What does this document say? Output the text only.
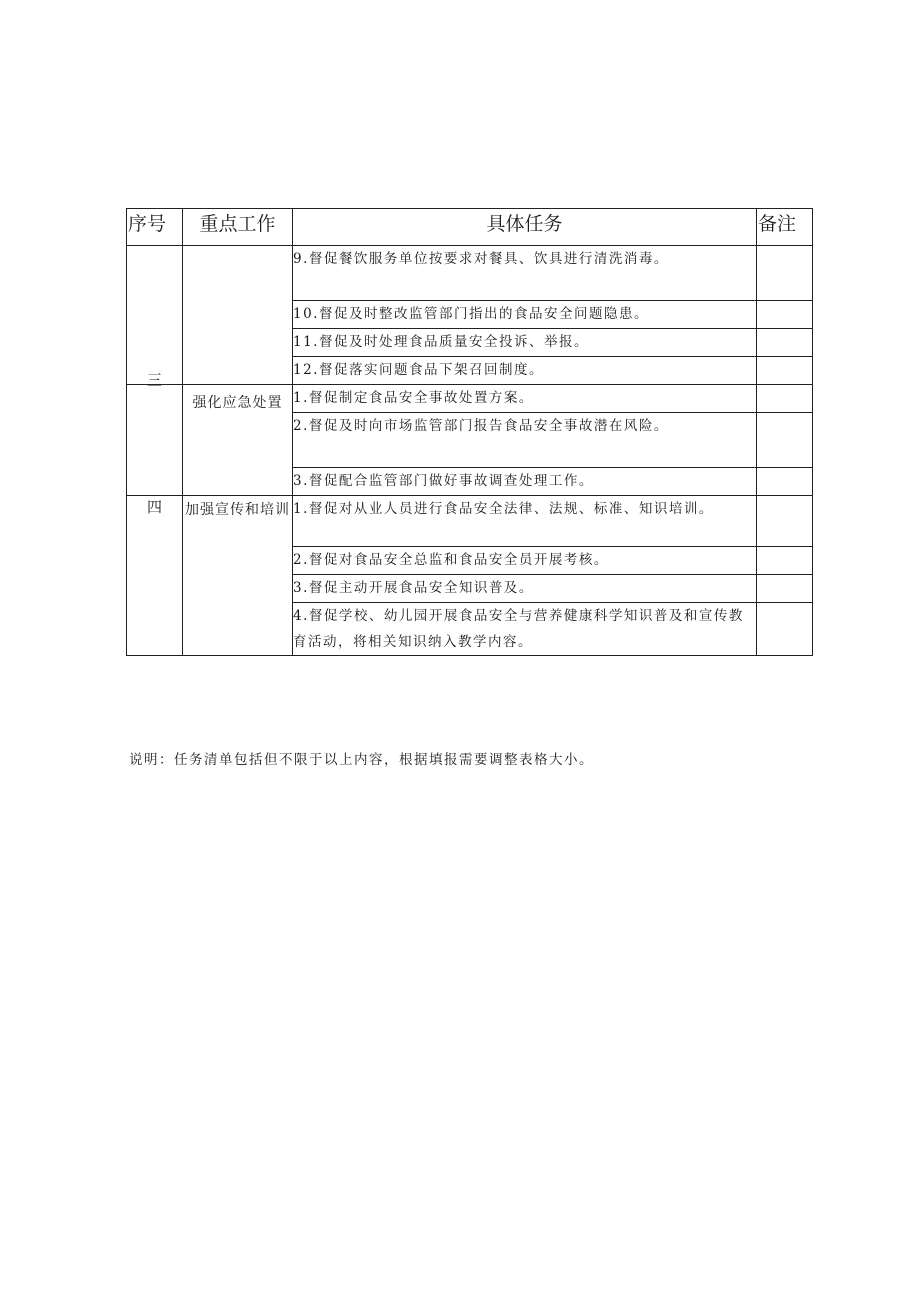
序号	重点工作	具体任务	备注
		9.督促餐饮服务单位按要求对餐具、饮具进行清洗消毒。	
		10.督促及时整改监管部门指出的食品安全问题隐患。	
		11.督促及时处理食品质量安全投诉、举报。	
		12.督促落实问题食品下架召回制度。	
三	强化应急处置	1.督促制定食品安全事故处置方案。	
		2.督促及时向市场监管部门报告食品安全事故潜在风险。	
		3.督促配合监管部门做好事故调查处理工作。	
四	加强宣传和培训	1.督促对从业人员进行食品安全法律、法规、标准、知识培训。	
		2.督促对食品安全总监和食品安全员开展考核。	
		3.督促主动开展食品安全知识普及。	
		4.督促学校、幼儿园开展食品安全与营养健康科学知识普及和宣传教育活动，将相关知识纳入教学内容。	
说明：任务清单包括但不限于以上内容，根据填报需要调整表格大小。
